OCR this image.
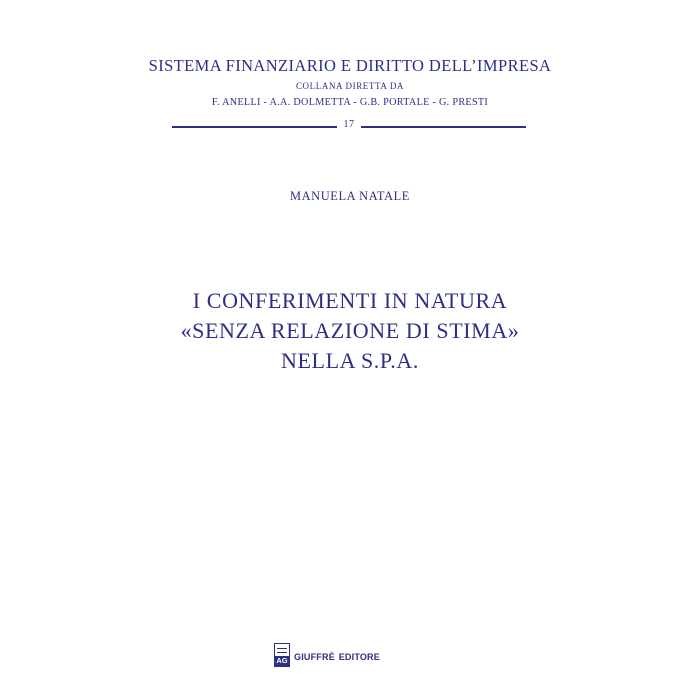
SISTEMA FINANZIARIO E DIRITTO DELL’IMPRESA
COLLANA DIRETTA DA
F. ANELLI - A.A. DOLMETTA - G.B. PORTALE - G. PRESTI
17
MANUELA NATALE
I CONFERIMENTI IN NATURA
«SENZA RELAZIONE DI STIMA»
NELLA S.P.A.
AG giuffrè editore
